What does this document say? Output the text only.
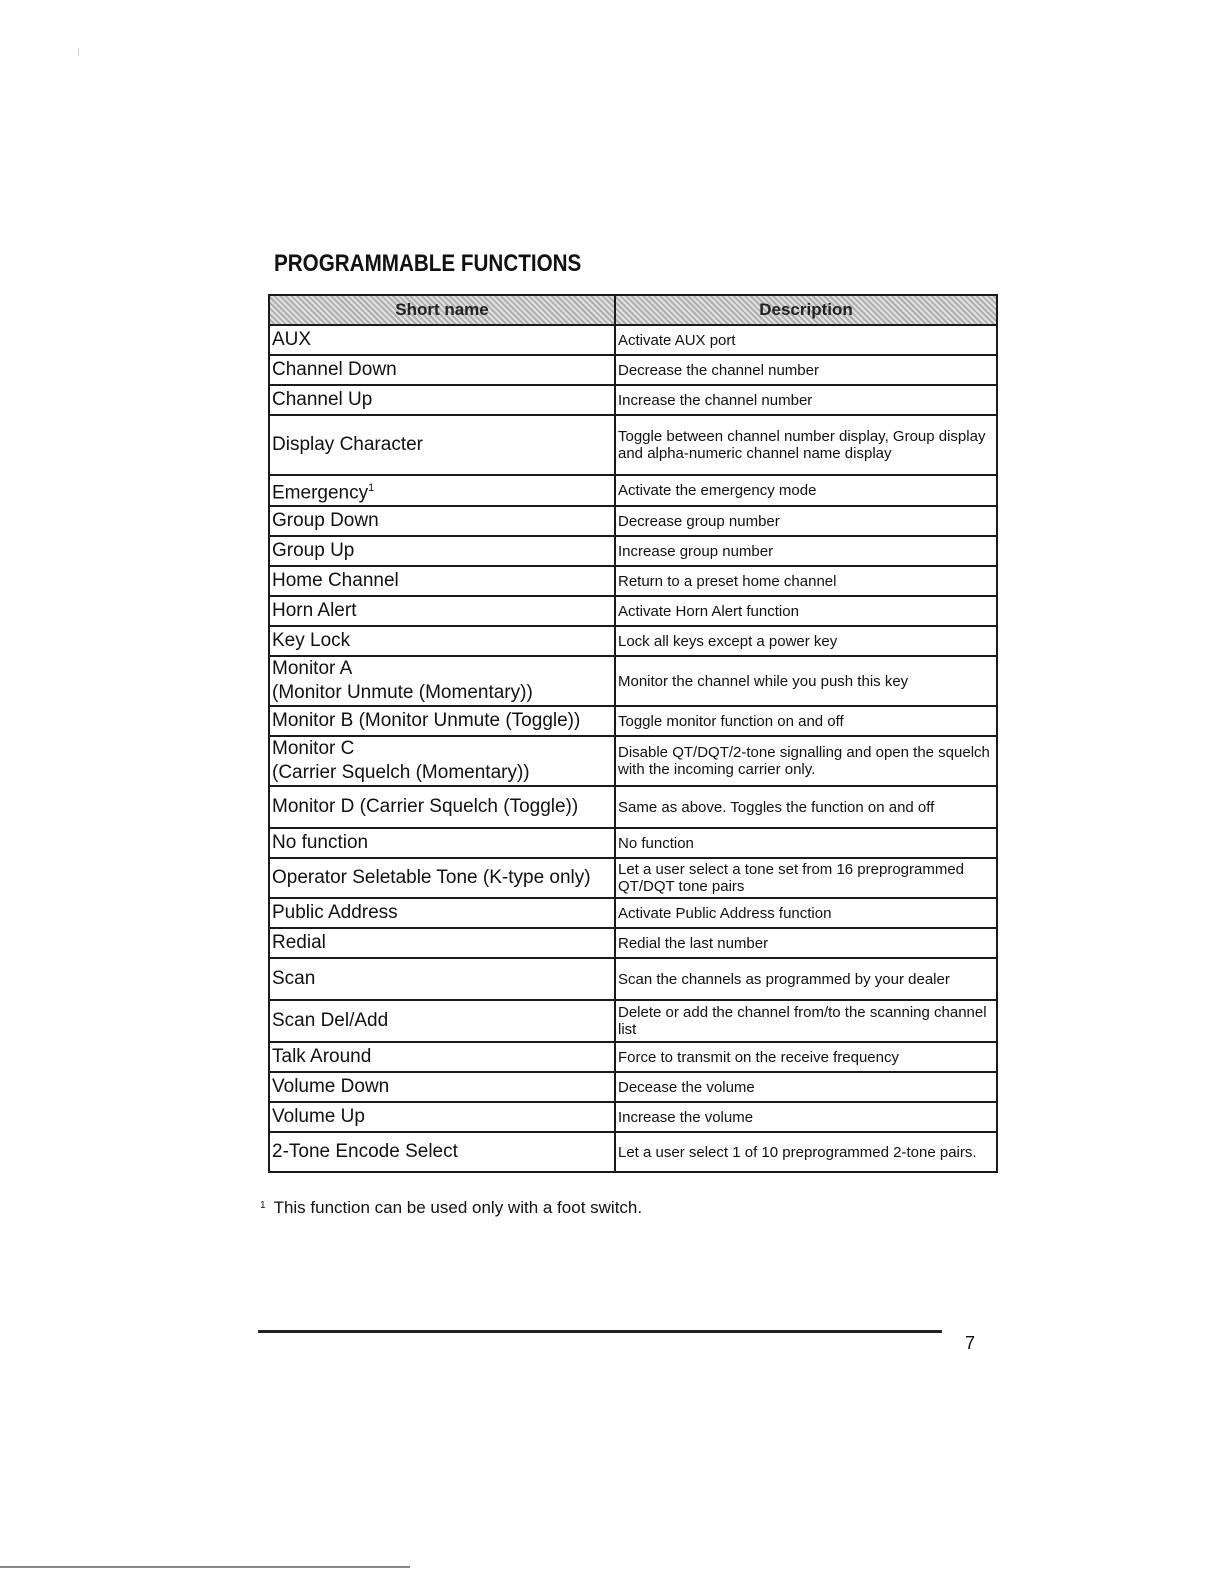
PROGRAMMABLE FUNCTIONS
Short name	Description
AUX	Activate AUX port
Channel Down	Decrease the channel number
Channel Up	Increase the channel number
Display Character	Toggle between channel number display, Group display and alpha-numeric channel name display
Emergency$^1$	Activate the emergency mode
Group Down	Decrease group number
Group Up	Increase group number
Home Channel	Return to a preset home channel
Horn Alert	Activate Horn Alert function
Key Lock	Lock all keys except a power key

Monitor A
(Monitor Unmute (Momentary))	Monitor the channel while you push this key
Monitor B (Monitor Unmute (Toggle))	Toggle monitor function on and off

Monitor C
(Carrier Squelch (Momentary))	Disable QT/DQT/2-tone signalling and open the squelch with the incoming carrier only.
Monitor D (Carrier Squelch (Toggle))	Same as above. Toggles the function on and off
No function	No function
Operator Seletable Tone (K-type only)	Let a user select a tone set from 16 preprogrammed QT/DQT tone pairs
Public Address	Activate Public Address function
Redial	Redial the last number
Scan	Scan the channels as programmed by your dealer
Scan Del/Add	Delete or add the channel from/to the scanning channel list
Talk Around	Force to transmit on the receive frequency
Volume Down	Decease the volume
Volume Up	Increase the volume
2-Tone Encode Select	Let a user select 1 of 10 preprogrammed 2-tone pairs.
$^1$ This function can be used only with a foot switch.
7
